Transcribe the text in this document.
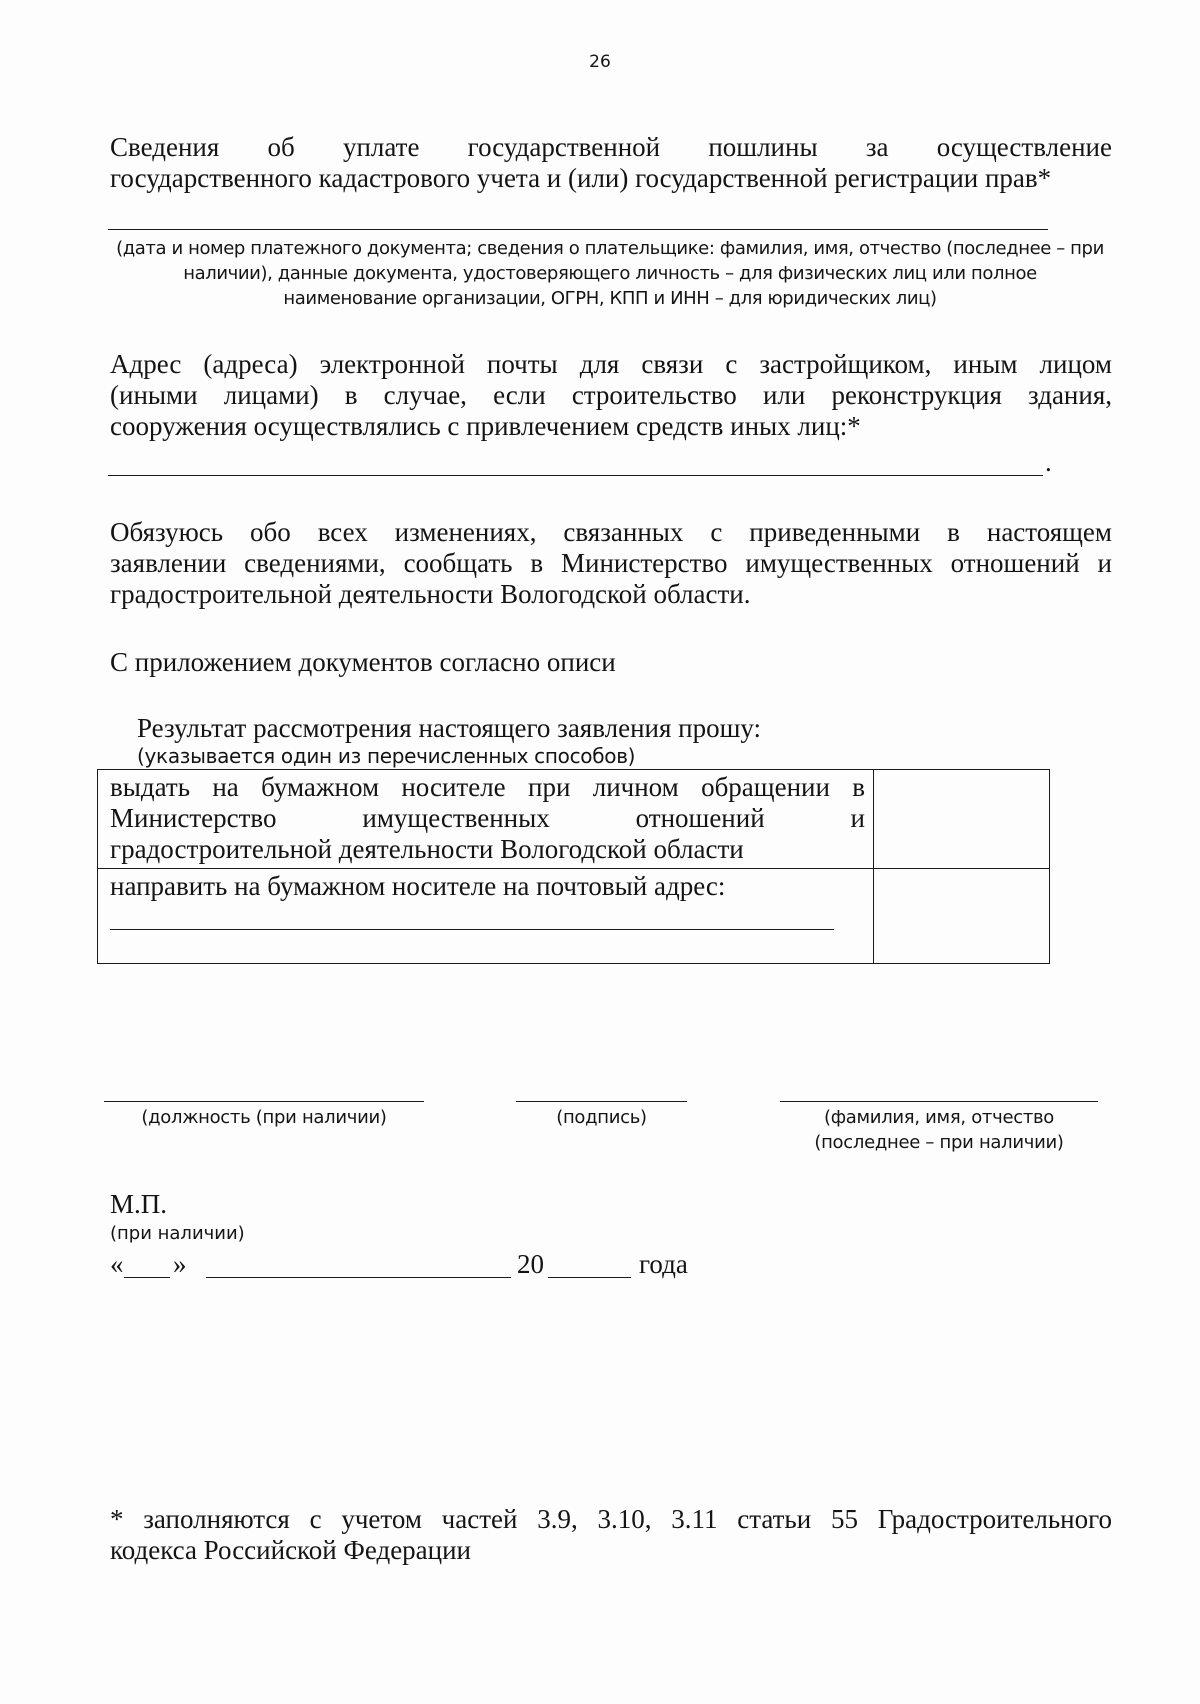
26
Сведения об уплате государственной пошлины за осуществление
государственного кадастрового учета и (или) государственной регистрации прав*
(дата и номер платежного документа; сведения о плательщике: фамилия, имя, отчество (последнее – при
наличии), данные документа, удостоверяющего личность – для физических лиц или полное
наименование организации, ОГРН, КПП и ИНН – для юридических лиц)
Адрес (адреса) электронной почты для связи с застройщиком, иным лицом
(иными лицами) в случае, если строительство или реконструкция здания,
сооружения осуществлялись с привлечением средств иных лиц:*
.
Обязуюсь обо всех изменениях, связанных с приведенными в настоящем
заявлении сведениями, сообщать в Министерство имущественных отношений и
градостроительной деятельности Вологодской области.
С приложением документов согласно описи
Результат рассмотрения настоящего заявления прошу:
(указывается один из перечисленных способов)
выдать на бумажном носителе при личном обращении в
Министерство имущественных отношений и
градостроительной деятельности Вологодской области	

направить на бумажном носителе на почтовый адрес:	

(должность (при наличии)	(подпись)	(фамилия, имя, отчество
(последнее – при наличии)
М.П.
(при наличии)
« »	20	года
* заполняются с учетом частей 3.9, 3.10, 3.11 статьи 55 Градостроительного
кодекса Российской Федерации
